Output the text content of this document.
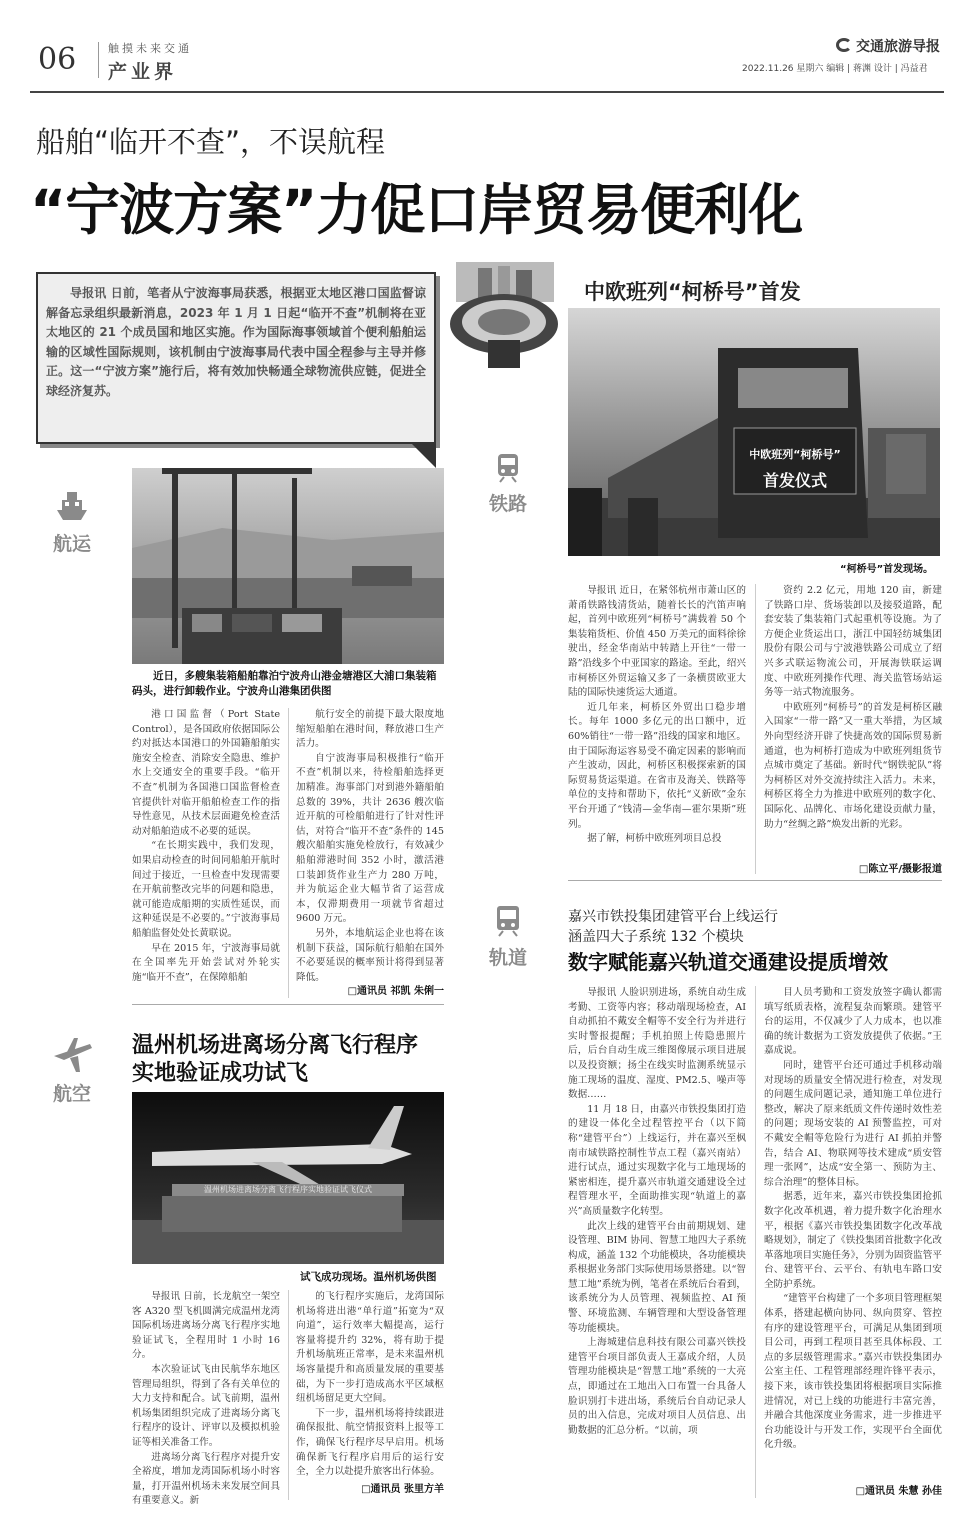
06	触摸未来交通
产业界
交通旅游导报
2022.11.26 星期六 编辑 | 蒋渊 设计 | 冯益君
船舶“临开不查”，不误航程
“宁波方案”力促口岸贸易便利化
导报讯 日前，笔者从宁波海事局获悉，根据亚太地区港口国监督谅解备忘录组织最新消息，2023 年 1 月 1 日起“临开不查”机制将在亚太地区的 21 个成员国和地区实施。作为国际海事领域首个便利船舶运输的区域性国际规则，该机制由宁波海事局代表中国全程参与主导并修正。这一“宁波方案”施行后，将有效加快畅通全球物流供应链，促进全球经济复苏。
中欧班列“柯桥号”首发
中欧班列“柯桥号”
首发仪式
“柯桥号”首发现场。
铁路

导报讯 近日，在紧邻杭州市萧山区的萧甬铁路钱清货站，随着长长的汽笛声响起，首列中欧班列“柯桥号”满载着 50 个集装箱货柜、价值 450 万美元的面料徐徐驶出，经金华南站中转踏上开往“一带一路”沿线多个中亚国家的路途。至此，绍兴市柯桥区外贸运输又多了一条横贯欧亚大陆的国际快速货运大通道。

近几年来，柯桥区外贸出口稳步增长。每年 1000 多亿元的出口额中，近 60%销往“一带一路”沿线的国家和地区。由于国际海运容易受不确定因素的影响而产生波动，因此，柯桥区积极探索新的国际贸易货运渠道。在省市及海关、铁路等单位的支持和帮助下，依托“义新欧”金东平台开通了“钱清—金华南—霍尔果斯”班列。

据了解，柯桥中欧班列项目总投

资约 2.2 亿元，用地 120 亩，新建了铁路口岸、货场装卸以及接驳道路，配套安装了集装箱门式起重机等设施。为了方便企业货运出口，浙江中国轻纺城集团股份有限公司与宁波港铁路公司成立了绍兴多式联运物流公司，开展海铁联运调度、中欧班列操作代理、海关监管场站运务等一站式物流服务。

中欧班列“柯桥号”的首发是柯桥区融入国家“一带一路”又一重大举措，为区域外向型经济开辟了快捷高效的国际贸易新通道，也为柯桥打造成为中欧班列组货节点城市奠定了基础。新时代“钢铁驼队”将为柯桥区对外交流持续注入活力。未来，柯桥区将全力为推进中欧班列的数字化、国际化、品牌化、市场化建设贡献力量，助力“丝绸之路”焕发出新的光彩。

□陈立平/摄影报道
航运
近日，多艘集装箱船舶靠泊宁波舟山港金塘港区大浦口集装箱码头，进行卸载作业。宁波舟山港集团供图

港口国监督（Port State Control），是各国政府依据国际公约对抵达本国港口的外国籍船舶实施安全检查、消除安全隐患、维护水上交通安全的重要手段。“临开不查”机制为各国港口国监督检查官提供针对临开船舶检查工作的指导性意见，从技术层面避免检查活动对船舶造成不必要的延误。

“在长期实践中，我们发现，如果启动检查的时间同船舶开航时间过于接近，一旦检查中发现需要在开航前整改完毕的问题和隐患，就可能造成船期的实质性延误，而这种延误是不必要的。”宁波海事局船舶监督处处长黄联说。

早在 2015 年，宁波海事局就在全国率先开始尝试对外轮实施“临开不查”，在保障船舶

航行安全的前提下最大限度地缩短船舶在港时间，释放港口生产活力。

自宁波海事局积极推行“临开不查”机制以来，待检船舶选择更加精准。海事部门对到港外籍船舶总数的 39%，共计 2636 艘次临近开航的可检船舶进行了针对性评估，对符合“临开不查”条件的 145 艘次船舶实施免检放行，有效减少船舶滞港时间 352 小时，激活港口装卸货作业生产力 280 万吨，并为航运企业大幅节省了运营成本，仅滞期费用一项就节省超过 9600 万元。

另外，本地航运企业也将在该机制下获益，国际航行船舶在国外不必要延误的概率预计将得到显著降低。

□通讯员 祁凯 朱俐一
航空
温州机场进离场分离飞行程序
实地验证成功试飞
温州机场进离场分离飞行程序实地验证试飞仪式
试飞成功现场。温州机场供图

导报讯 日前，长龙航空一架空客 A320 型飞机圆满完成温州龙湾国际机场进离场分离飞行程序实地验证试飞，全程用时 1 小时 16 分。

本次验证试飞由民航华东地区管理局组织，得到了各有关单位的大力支持和配合。试飞前期，温州机场集团组织完成了进离场分离飞行程序的设计、评审以及模拟机验证等相关准备工作。

进离场分离飞行程序对提升安全裕度，增加龙湾国际机场小时容量，打开温州机场未来发展空间具有重要意义。新

的飞行程序实施后，龙湾国际机场将进出港“单行道”拓宽为“双向道”，运行效率大幅提高，运行容量将提升约 32%，将有助于提升机场航班正常率，是未来温州机场容量提升和高质量发展的重要基础，为下一步打造成高水平区域枢纽机场留足更大空间。

下一步，温州机场将持续跟进确保报批、航空情报资料上报等工作，确保飞行程序尽早启用。机场确保新飞行程序启用后的运行安全，全力以赴提升旅客出行体验。

□通讯员 张里方羊
轨道
嘉兴市铁投集团建管平台上线运行
涵盖四大子系统 132 个模块
数字赋能嘉兴轨道交通建设提质增效

导报讯 人脸识别进场，系统自动生成考勤、工资等内容；移动端现场检查，AI 自动抓拍不戴安全帽等不安全行为并进行实时警报提醒；手机拍照上传隐患照片后，后台自动生成三维图像展示项目进展以及投资额；扬尘在线实时监测系统显示施工现场的温度、湿度、PM2.5、噪声等数据……

11 月 18 日，由嘉兴市铁投集团打造的建设一体化全过程管控平台（以下简称“建管平台”）上线运行，并在嘉兴至枫南市域铁路控制性节点工程（嘉兴南站）进行试点，通过实现数字化与工地现场的紧密相连，提升嘉兴市轨道交通建设全过程管理水平，全面助推实现“轨道上的嘉兴”高质量数字化转型。

此次上线的建管平台由前期规划、建设管理、BIM 协同、智慧工地四大子系统构成，涵盖 132 个功能模块，各功能模块系根据业务部门实际使用场景搭建。以“智慧工地”系统为例，笔者在系统后台看到，该系统分为人员管理、视频监控、AI 预警、环境监测、车辆管理和大型设备管理等功能模块。

上海城建信息科技有限公司嘉兴铁投建管平台项目部负责人王嘉成介绍，人员管理功能模块是“智慧工地”系统的一大亮点，即通过在工地出入口布置一台具备人脸识别打卡进出场，系统后台自动记录人员的出入信息，完成对项目人员信息、出勤数据的汇总分析。“以前，项

目人员考勤和工资发放签字确认都需填写纸质表格，流程复杂而繁琐。建管平台的运用，不仅减少了人力成本，也以准确的统计数据为工资发放提供了依据。”王嘉成说。

同时，建管平台还可通过手机移动端对现场的质量安全情况进行检查，对发现的问题生成问题记录，通知施工单位进行整改，解决了原来纸质文件传递时效性差的问题；现场安装的 AI 预警监控，可对不戴安全帽等危险行为进行 AI 抓拍并警告，结合 AI、物联网等技术建成“质安管理一张网”，达成“安全第一、预防为主、综合治理”的整体目标。

据悉，近年来，嘉兴市铁投集团抢抓数字化改革机遇，着力提升数字化治理水平，根据《嘉兴市铁投集团数字化改革战略规划》，制定了《铁投集团首批数字化改革落地项目实施任务》，分别为固资监管平台、建管平台、云平台、有轨电车路口安全防护系统。

“建管平台构建了一个多项目管理框架体系，搭建起横向协同、纵向贯穿、管控有序的建设管理平台，可满足从集团到项目公司，再到工程项目甚至具体标段、工点的多层级管理需求。”嘉兴市铁投集团办公室主任、工程管理部经理许锋平表示，接下来，该市铁投集团将根据项目实际推进情况，对已上线的功能进行丰富完善，并融合其他深度业务需求，进一步推进平台功能设计与开发工作，实现平台全面优化升级。

□通讯员 朱慧 孙佳
